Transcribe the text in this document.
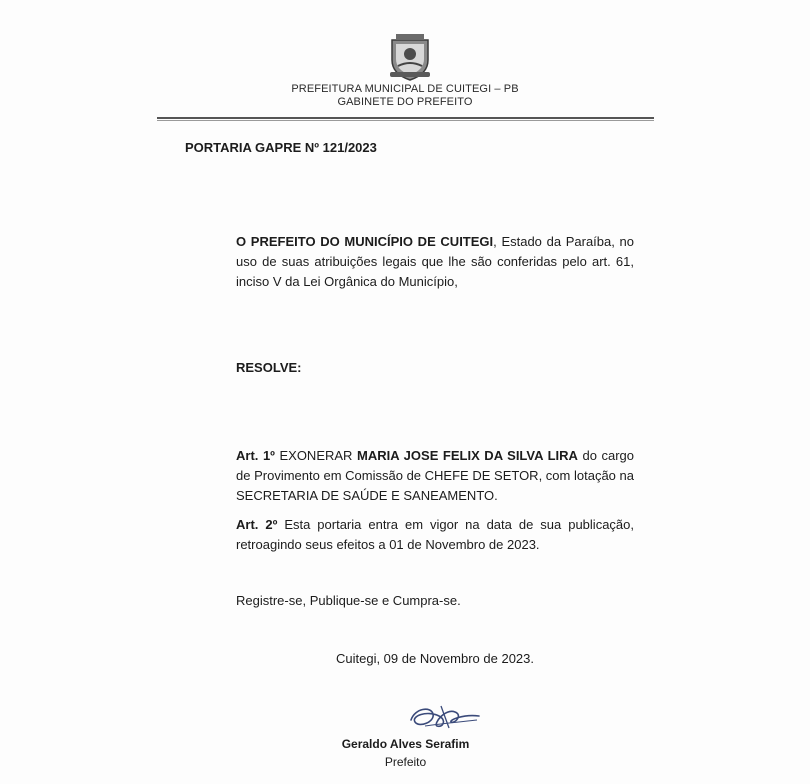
PREFEITURA MUNICIPAL DE CUITEGI – PB
GABINETE DO PREFEITO
PORTARIA GAPRE Nº 121/2023
O PREFEITO DO MUNICÍPIO DE CUITEGI, Estado da Paraíba, no uso de suas atribuições legais que lhe são conferidas pelo art. 61, inciso V da Lei Orgânica do Município,
RESOLVE:
Art. 1º EXONERAR MARIA JOSE FELIX DA SILVA LIRA do cargo de Provimento em Comissão de CHEFE DE SETOR, com lotação na SECRETARIA DE SAÚDE E SANEAMENTO.
Art. 2º Esta portaria entra em vigor na data de sua publicação, retroagindo seus efeitos a 01 de Novembro de 2023.
Registre-se, Publique-se e Cumpra-se.
Cuitegi, 09 de Novembro de 2023.
Geraldo Alves Serafim
Prefeito
